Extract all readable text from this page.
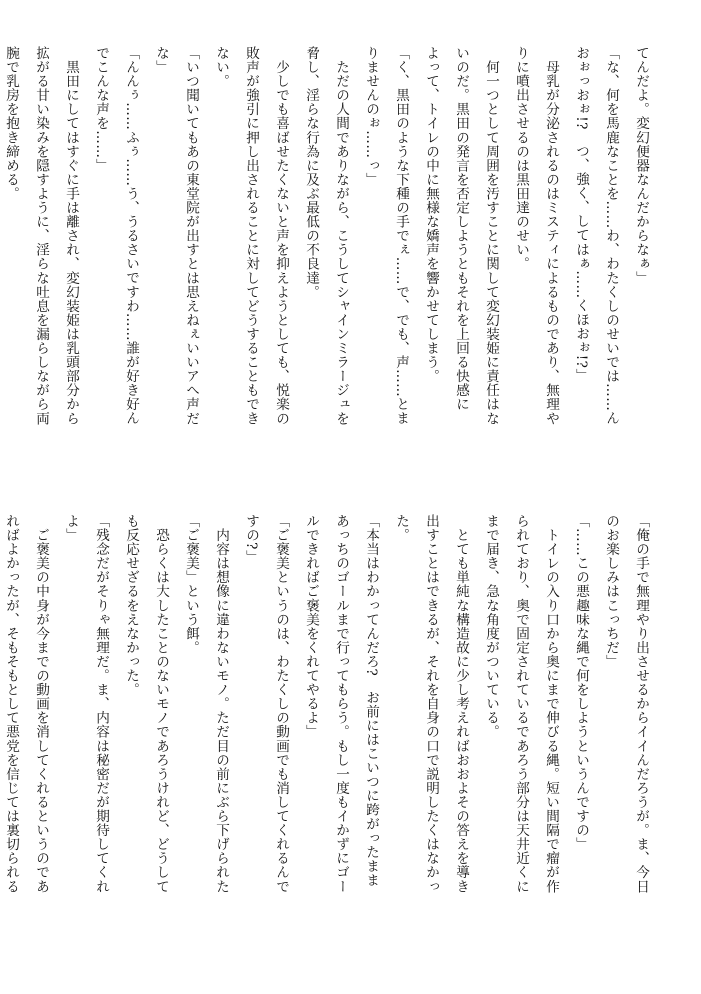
てんだよ。変幻便器なんだからなぁ」
「な、何を馬鹿なことを……わ、わたくしのせいでは……ん
おぉっおぉ!?　つ、強く、してはぁ……くほおぉ!?」
　母乳が分泌されるのはミスティによるものであり、無理や
りに噴出させるのは黒田達のせい。
　何一つとして周囲を汚すことに関して変幻装姫に責任はな
いのだ。黒田の発言を否定しようともそれを上回る快感に
よって、トイレの中に無様な嬌声を響かせてしまう。
「く、黒田のような下種の手でぇ……で、でも、声……とま
りませんのぉ……っ」
　ただの人間でありながら、こうしてシャインミラージュを
脅し、淫らな行為に及ぶ最低の不良達。
　少しでも喜ばせたくないと声を抑えようとしても、悦楽の
敗声が強引に押し出されることに対してどうすることもでき
ない。
「いつ聞いてもあの東堂院が出すとは思えねぇいいアへ声だ
な」
「んんぅ……ふぅ……う、うるさいですわ……誰が好き好ん
でこんな声を……」
　黒田にしてはすぐに手は離され、変幻装姫は乳頭部分から
拡がる甘い染みを隠すように、淫らな吐息を漏らしながら両
腕で乳房を抱き締める。
「俺の手で無理やり出させるからイイんだろうが。ま、今日
のお楽しみはこっちだ」
「……この悪趣味な縄で何をしようというんですの」
　トイレの入り口から奥にまで伸びる縄。短い間隔で瘤が作
られており、奥で固定されているであろう部分は天井近くに
まで届き、急な角度がついている。
　とても単純な構造故に少し考えればおおよその答えを導き
出すことはできるが、それを自身の口で説明したくはなかっ
た。
「本当はわかってんだろ?　お前にはこいつに跨がったまま
あっちのゴールまで行ってもらう。もし一度もイかずにゴー
ルできればご褒美をくれてやるよ」
「ご褒美というのは、わたくしの動画でも消してくれるんで
すの?」
　内容は想像に違わないモノ。ただ目の前にぶら下げられた
「ご褒美」という餌。
　恐らくは大したことのないモノであろうけれど、どうして
も反応せざるをえなかった。
「残念だがそりゃ無理だ。ま、内容は秘密だが期待してくれ
よ」
　ご褒美の中身が今までの動画を消してくれるというのであ
ればよかったが、そもそもとして悪党を信じては裏切られる
